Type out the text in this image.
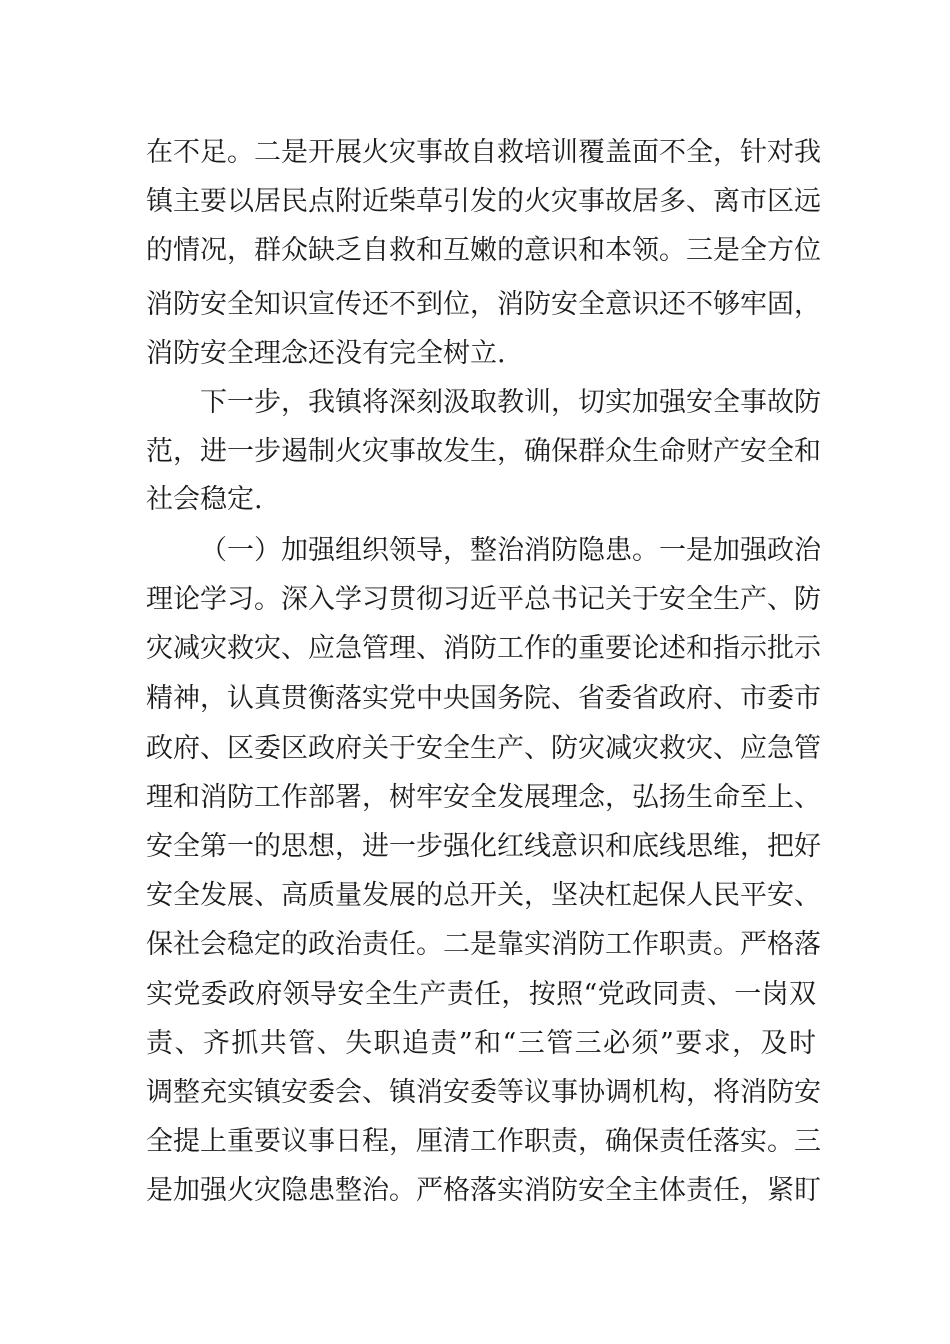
在不足。二是开展火灾事故自救培训覆盖面不全，针对我
镇主要以居民点附近柴草引发的火灾事故居多、离市区远
的情况，群众缺乏自救和互嫩的意识和本领。三是全方位
消防安全知识宣传还不到位，消防安全意识还不够牢固，
消防安全理念还没有完全树立.
下一步，我镇将深刻汲取教训，切实加强安全事故防
范，进一步遏制火灾事故发生，确保群众生命财产安全和
社会稳定.
（一）加强组织领导，整治消防隐患。一是加强政治
理论学习。深入学习贯彻习近平总书记关于安全生产、防
灾减灾救灾、应急管理、消防工作的重要论述和指示批示
精神，认真贯衡落实党中央国务院、省委省政府、市委市
政府、区委区政府关于安全生产、防灾减灾救灾、应急管
理和消防工作部署，树牢安全发展理念，弘扬生命至上、
安全第一的思想，进一步强化红线意识和底线思维，把好
安全发展、高质量发展的总开关，坚决杠起保人民平安、
保社会稳定的政治责任。二是靠实消防工作职责。严格落
实党委政府领导安全生产责任，按照“党政同责、一岗双
责、齐抓共管、失职追责”和“三管三必须”要求，及时
调整充实镇安委会、镇消安委等议事协调机构，将消防安
全提上重要议事日程，厘清工作职责，确保责任落实。三
是加强火灾隐患整治。严格落实消防安全主体责任，紧盯
